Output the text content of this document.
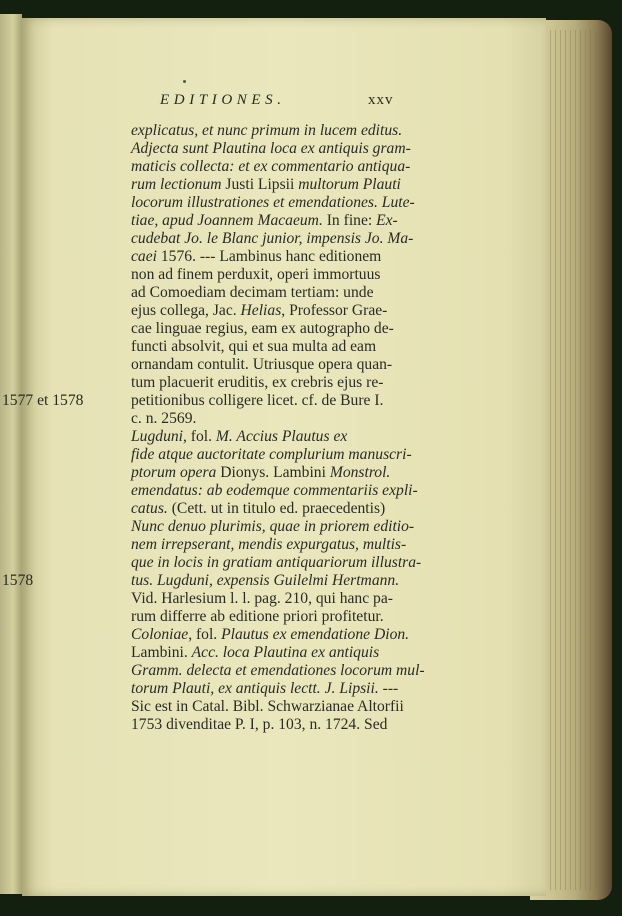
EDITIONES.	xxv
1577 et 1578
1578
explicatus, et nunc primum in lucem editus.
Adjecta sunt Plautina loca ex antiquis gram-
maticis collecta: et ex commentario antiqua-
rum lectionum Justi Lipsii multorum Plauti
locorum illustrationes et emendationes. Lute-
tiae, apud Joannem Macaeum. In fine: Ex-
cudebat Jo. le Blanc junior, impensis Jo. Ma-
caei 1576. --- Lambinus hanc editionem
non ad finem perduxit, operi immortuus
ad Comoediam decimam tertiam: unde
ejus collega, Jac. Helias, Professor Grae-
cae linguae regius, eam ex autographo de-
functi absolvit, qui et sua multa ad eam
ornandam contulit. Utriusque opera quan-
tum placuerit eruditis, ex crebris ejus re-
petitionibus colligere licet. cf. de Bure I.
c. n. 2569.
Lugduni, fol. M. Accius Plautus ex
fide atque auctoritate complurium manuscri-
ptorum opera Dionys. Lambini Monstrol.
emendatus: ab eodemque commentariis expli-
catus. (Cett. ut in titulo ed. praecedentis)
Nunc denuo plurimis, quae in priorem editio-
nem irrepserant, mendis expurgatus, multis-
que in locis in gratiam antiquariorum illustra-
tus. Lugduni, expensis Guilelmi Hertmann.
Vid. Harlesium l. l. pag. 210, qui hanc pa-
rum differre ab editione priori profitetur.
Coloniae, fol. Plautus ex emendatione Dion.
Lambini. Acc. loca Plautina ex antiquis
Gramm. delecta et emendationes locorum mul-
torum Plauti, ex antiquis lectt. J. Lipsii. ---
Sic est in Catal. Bibl. Schwarzianae Altorfii
1753 divenditae P. I, p. 103, n. 1724. Sed
